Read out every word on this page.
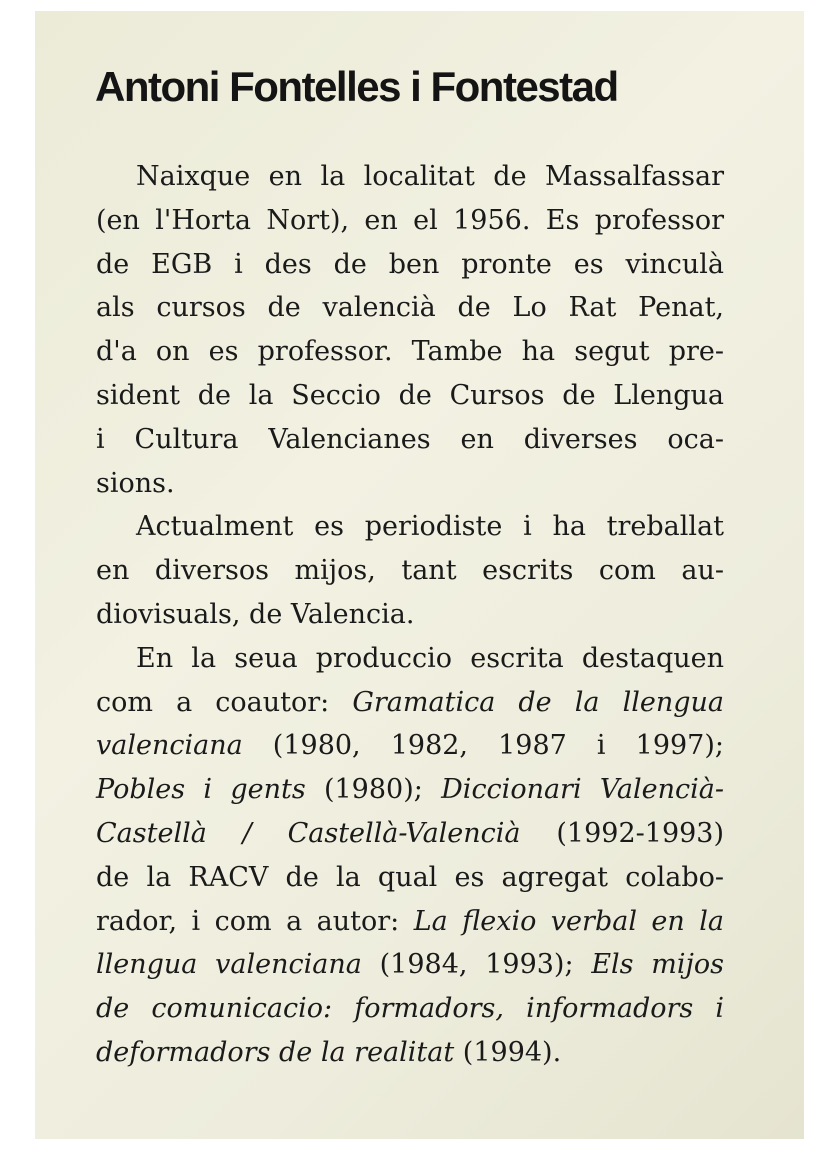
Antoni Fontelles i Fontestad
Naixque en la localitat de Massalfassar
(en l'Horta Nort), en el 1956. Es professor
de EGB i des de ben pronte es vinculà
als cursos de valencià de Lo Rat Penat,
d'a on es professor. Tambe ha segut pre-
sident de la Seccio de Cursos de Llengua
i Cultura Valencianes en diverses oca-
sions.
Actualment es periodiste i ha treballat
en diversos mijos, tant escrits com au-
diovisuals, de Valencia.
En la seua produccio escrita destaquen
com a coautor: Gramatica de la llengua
valenciana (1980, 1982, 1987 i 1997);
Pobles i gents (1980); Diccionari Valencià-
Castellà / Castellà-Valencià (1992-1993)
de la RACV de la qual es agregat colabo-
rador, i com a autor: La flexio verbal en la
llengua valenciana (1984, 1993); Els mijos
de comunicacio: formadors, informadors i
deformadors de la realitat (1994).
